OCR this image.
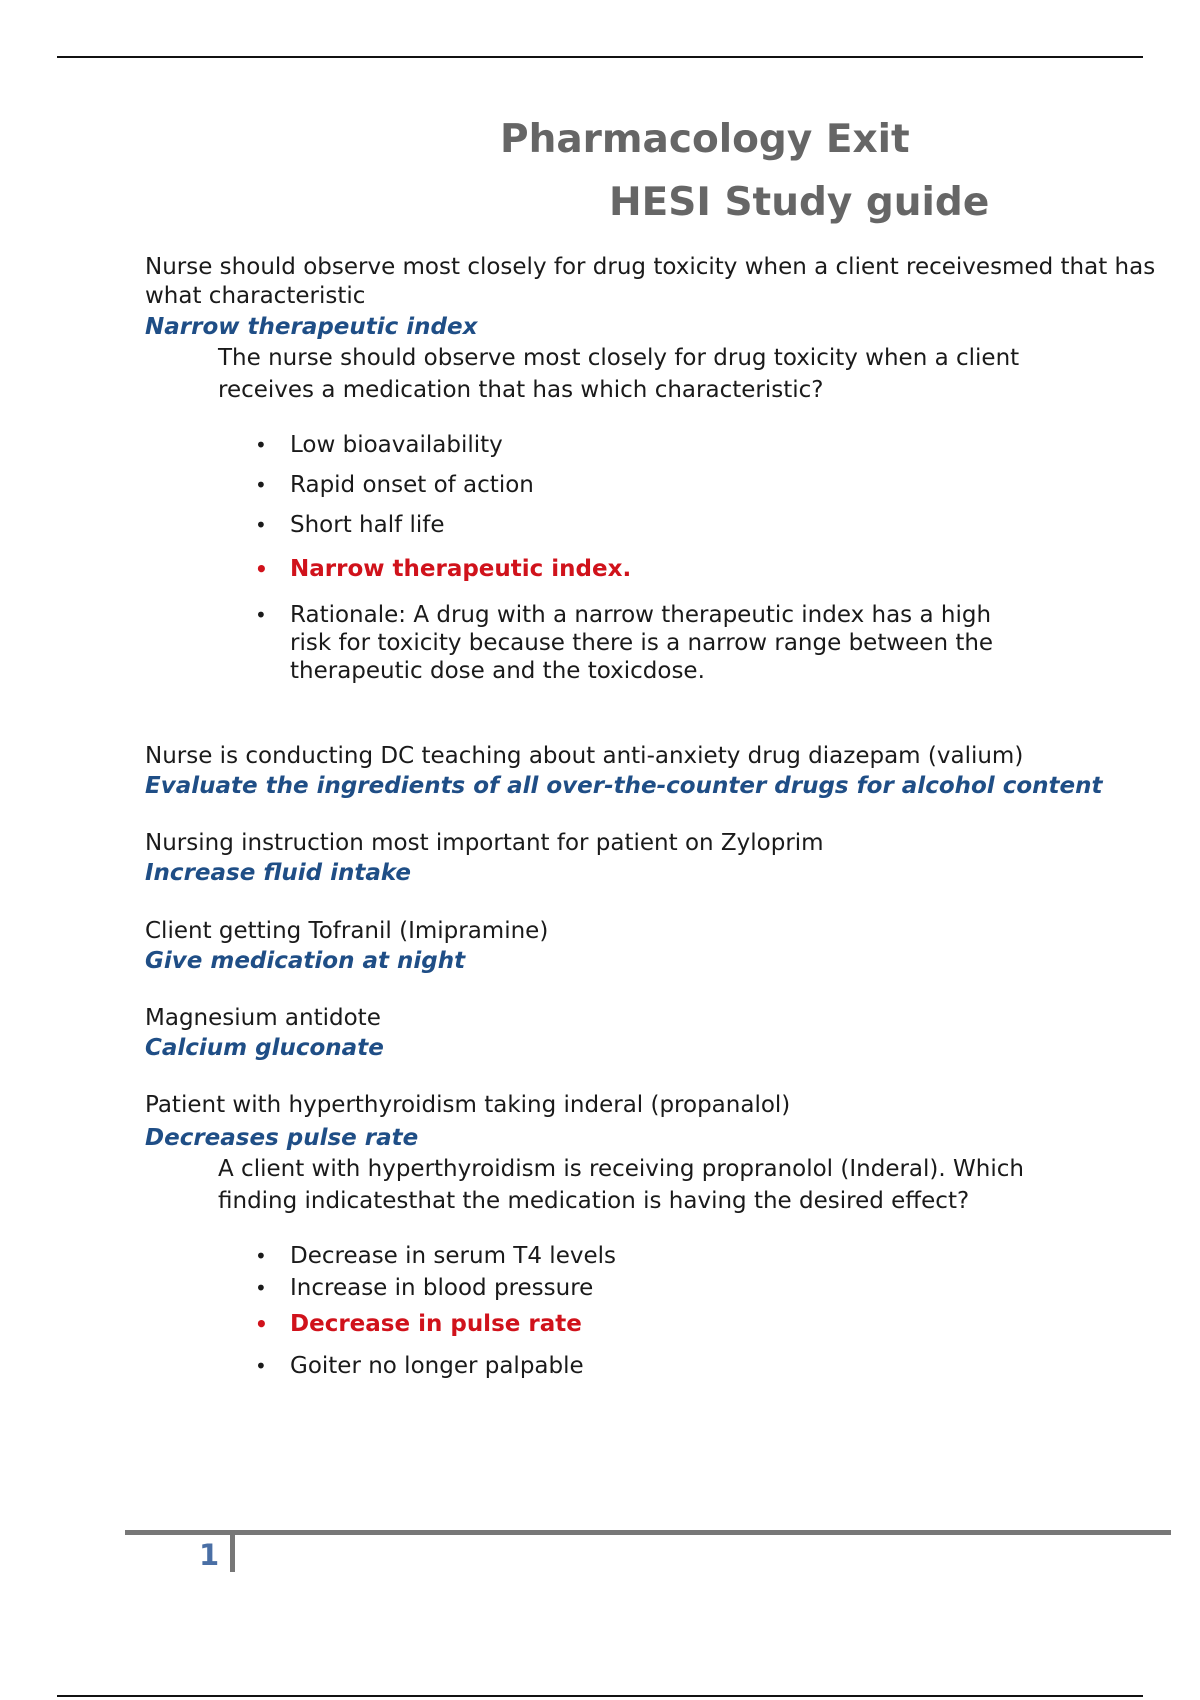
Pharmacology Exit
HESI Study guide

Nurse should observe most closely for drug toxicity when a client receivesmed that has what characteristic

Narrow therapeutic index

The nurse should observe most closely for drug toxicity when a client receives a medication that has which characteristic?

• Low bioavailability
• Rapid onset of action
• Short half life
• Narrow therapeutic index.
• Rationale: A drug with a narrow therapeutic index has a high risk for toxicity because there is a narrow range between the therapeutic dose and the toxicdose.

Nurse is conducting DC teaching about anti-anxiety drug diazepam (valium)

Evaluate the ingredients of all over-the-counter drugs for alcohol content

Nursing instruction most important for patient on Zyloprim

Increase fluid intake

Client getting Tofranil (Imipramine)

Give medication at night

Magnesium antidote

Calcium gluconate

Patient with hyperthyroidism taking inderal (propanalol)

Decreases pulse rate

A client with hyperthyroidism is receiving propranolol (Inderal). Which finding indicatesthat the medication is having the desired effect?

• Decrease in serum T4 levels
• Increase in blood pressure
• Decrease in pulse rate
• Goiter no longer palpable
1
